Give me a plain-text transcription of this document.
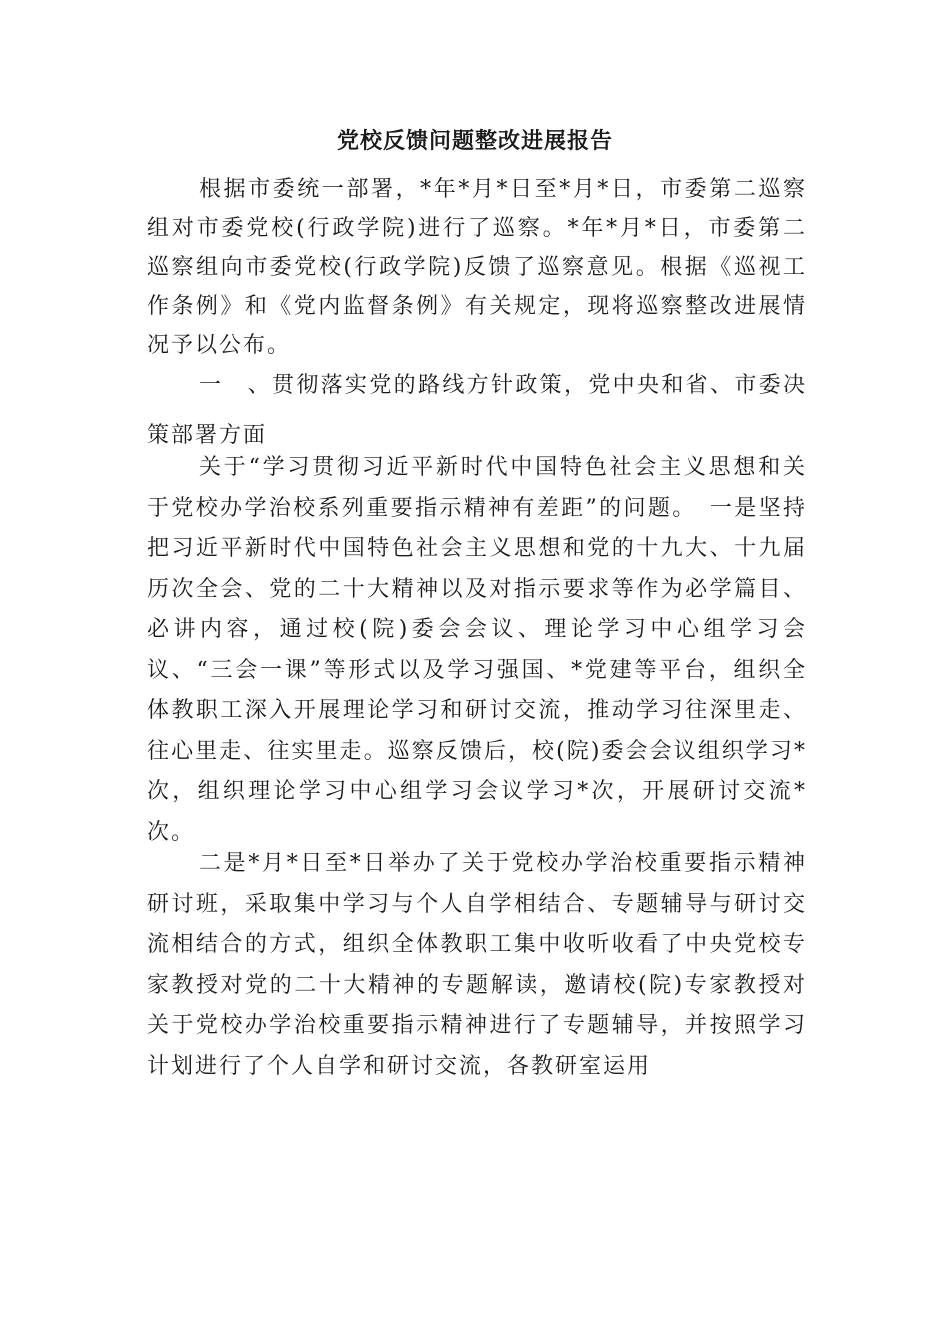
党校反馈问题整改进展报告

根据市委统一部署，*年*月*日至*月*日，市委第二巡察组对市委党校(行政学院)进行了巡察。*年*月*日，市委第二巡察组向市委党校(行政学院)反馈了巡察意见。根据《巡视工作条例》和《党内监督条例》有关规定，现将巡察整改进展情况予以公布。

一　、贯彻落实党的路线方针政策，党中央和省、市委决策部署方面

关于“学习贯彻习近平新时代中国特色社会主义思想和关于党校办学治校系列重要指示精神有差距”的问题。　一是坚持把习近平新时代中国特色社会主义思想和党的十九大、十九届历次全会、党的二十大精神以及对指示要求等作为必学篇目、必讲内容，通过校(院)委会会议、理论学习中心组学习会议、“三会一课”等形式以及学习强国、*党建等平台，组织全体教职工深入开展理论学习和研讨交流，推动学习往深里走、往心里走、往实里走。巡察反馈后，校(院)委会会议组织学习*次，组织理论学习中心组学习会议学习*次，开展研讨交流*次。

二是*月*日至*日举办了关于党校办学治校重要指示精神研讨班，采取集中学习与个人自学相结合、专题辅导与研讨交流相结合的方式，组织全体教职工集中收听收看了中央党校专家教授对党的二十大精神的专题解读，邀请校(院)专家教授对关于党校办学治校重要指示精神进行了专题辅导，并按照学习计划进行了个人自学和研讨交流，各教研室运用
